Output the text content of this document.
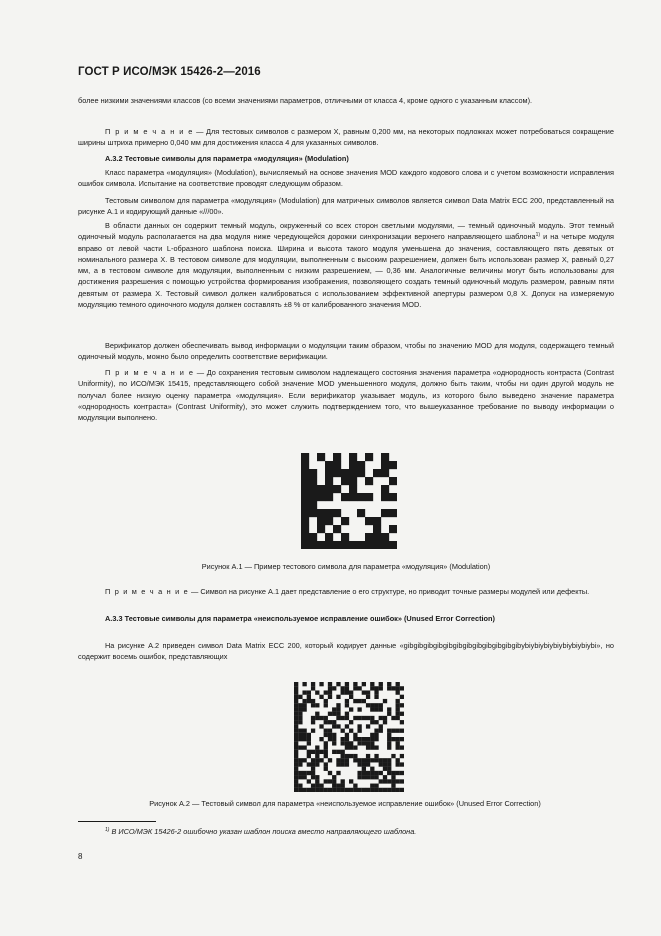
ГОСТ Р ИСО/МЭК 15426-2—2016
более низкими значениями классов (со всеми значениями параметров, отличными от класса 4, кроме одного с указанным классом).
П р и м е ч а н и е — Для тестовых символов с размером X, равным 0,200 мм, на некоторых подложках может потребоваться сокращение ширины штриха примерно 0,040 мм для достижения класса 4 для указанных символов.
А.3.2 Тестовые символы для параметра «модуляция» (Modulation)
Класс параметра «модуляция» (Modulation), вычисляемый на основе значения MOD каждого кодового слова и с учетом возможности исправления ошибок символа. Испытание на соответствие проводят следующим образом.
Тестовым символом для параметра «модуляция» (Modulation) для матричных символов является символ Data Matrix ECC 200, представленный на рисунке А.1 и кодирующий данные «///00».
В области данных он содержит темный модуль, окруженный со всех сторон светлыми модулями, — темный одиночный модуль. Этот темный одиночный модуль располагается на два модуля ниже чередующейся дорожки синхронизации верхнего направляющего шаблона$^{1)}$ и на четыре модуля вправо от левой части L-образного шаблона поиска. Ширина и высота такого модуля уменьшена до значения, составляющего пять девятых от номинального размера X. В тестовом символе для модуляции, выполненным с высоким разрешением, должен быть использован размер X, равный 0,27 мм, а в тестовом символе для модуляции, выполненным с низким разрешением, — 0,36 мм. Аналогичные величины могут быть использованы для достижения разрешения с помощью устройства формирования изображения, позволяющего создать темный одиночный модуль размером, равным пяти девятым от размера X. Тестовый символ должен калиброваться с использованием эффективной апертуры размером 0,8 X. Допуск на измеряемую модуляцию темного одиночного модуля должен составлять ±8 % от калиброванного значения MOD.
Верификатор должен обеспечивать вывод информации о модуляции таким образом, чтобы по значению MOD для модуля, содержащего темный одиночный модуль, можно было определить соответствие верификации.
П р и м е ч а н и е — До сохранения тестовым символом надлежащего состояния значения параметра «однородность контраста (Contrast Uniformity), по ИСО/МЭК 15415, представляющего собой значение MOD уменьшенного модуля, должно быть таким, чтобы ни один другой модуль не получал более низкую оценку параметра «модуляция». Если верификатор указывает модуль, из которого было выведено значение параметра «однородность контраста» (Contrast Uniformity), это может служить подтверждением того, что вышеуказанное требование по выводу информации о модуляции выполнено.
Рисунок А.1 — Пример тестового символа для параметра «модуляция» (Modulation)
П р и м е ч а н и е — Символ на рисунке А.1 дает представление о его структуре, но приводит точные размеры модулей или дефекты.
А.3.3 Тестовые символы для параметра «неиспользуемое исправление ошибок» (Unused Error Correction)
На рисунке А.2 приведен символ Data Matrix ECC 200, который кодирует данные «gibgibgibgibgibgibgibgibgibgibgibgibybiybiybiybiybiybiybiybi», но содержит восемь ошибок, представляющих
Рисунок А.2 — Тестовый символ для параметра «неиспользуемое исправление ошибок» (Unused Error Correction)
$^{1)}$ В ИСО/МЭК 15426-2 ошибочно указан шаблон поиска вместо направляющего шаблона.
8
